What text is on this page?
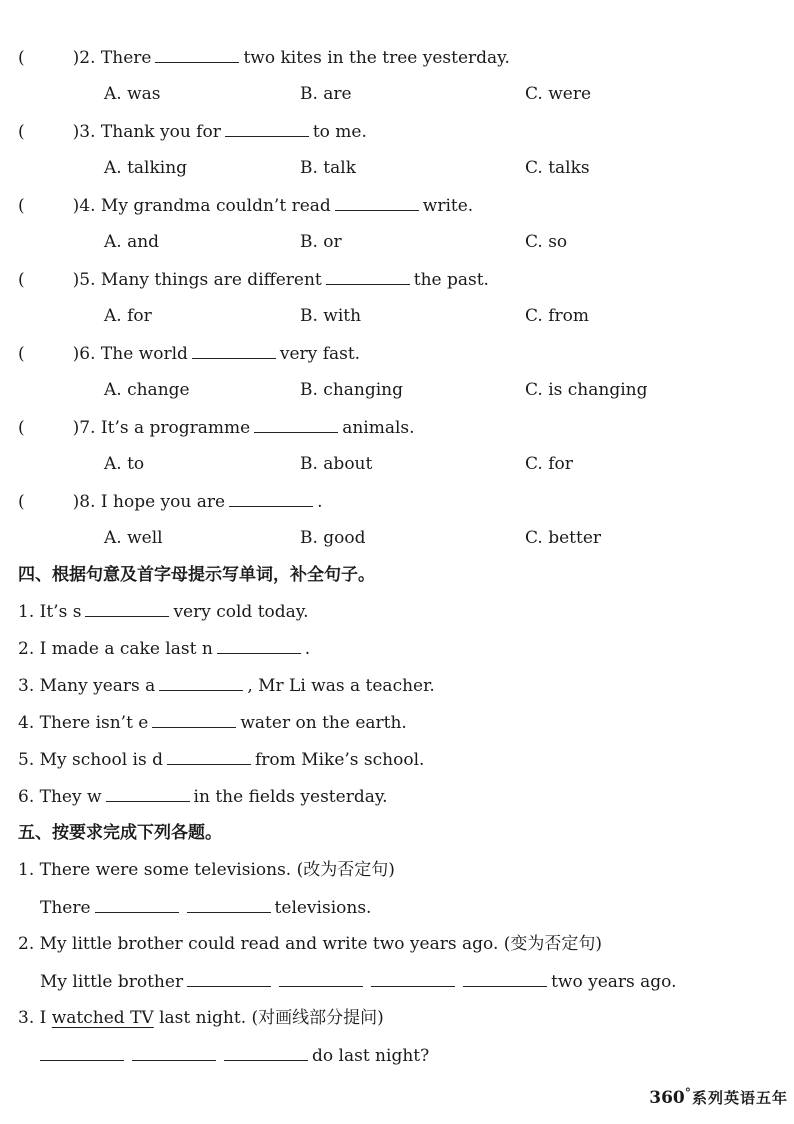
(	)2. There	two kites in the tree yesterday.
A. was	B. are	C. were
(	)3. Thank you for	to me.
A. talking	B. talk	C. talks
(	)4. My grandma couldn’t read	write.
A. and	B. or	C. so
(	)5. Many things are different	the past.
A. for	B. with	C. from
(	)6. The world	very fast.
A. change	B. changing	C. is changing
(	)7. It’s a programme	animals.
A. to	B. about	C. for
(	)8. I hope you are	.
A. well	B. good	C. better
四、根据句意及首字母提示写单词，补全句子。
1. It’s s	very cold today.
2. I made a cake last n	.
3. Many years a	, Mr Li was a teacher.
4. There isn’t e	water on the earth.
5. My school is d	from Mike’s school.
6. They w	in the fields yesterday.
五、按要求完成下列各题。
1. There were some televisions. (改为否定句)
There	televisions.
2. My little brother could read and write two years ago. (变为否定句)
My little brother	two years ago.
3. I watched TV last night. (对画线部分提问)
do last night?
360°系列英语五年
